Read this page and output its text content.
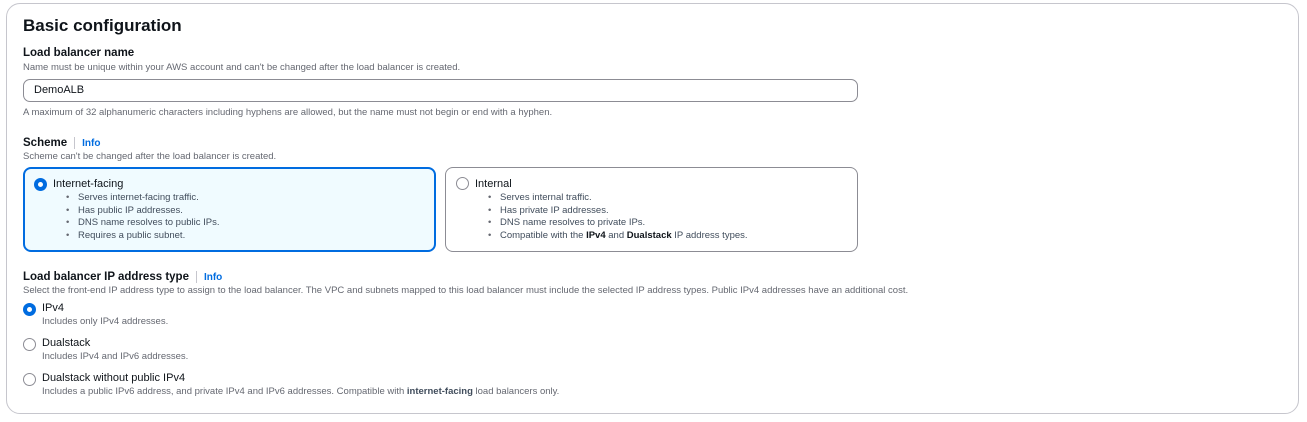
Basic configuration
Load balancer name
Name must be unique within your AWS account and can't be changed after the load balancer is created.
DemoALB
A maximum of 32 alphanumeric characters including hyphens are allowed, but the name must not begin or end with a hyphen.
Scheme Info
Scheme can't be changed after the load balancer is created.
Internet-facing
• Serves internet-facing traffic.
• Has public IP addresses.
• DNS name resolves to public IPs.
• Requires a public subnet.
Internal
• Serves internal traffic.
• Has private IP addresses.
• DNS name resolves to private IPs.
• Compatible with the IPv4 and Dualstack IP address types.
Load balancer IP address type Info
Select the front-end IP address type to assign to the load balancer. The VPC and subnets mapped to this load balancer must include the selected IP address types. Public IPv4 addresses have an additional cost.
IPv4
Includes only IPv4 addresses.
Dualstack
Includes IPv4 and IPv6 addresses.
Dualstack without public IPv4
Includes a public IPv6 address, and private IPv4 and IPv6 addresses. Compatible with internet-facing load balancers only.
